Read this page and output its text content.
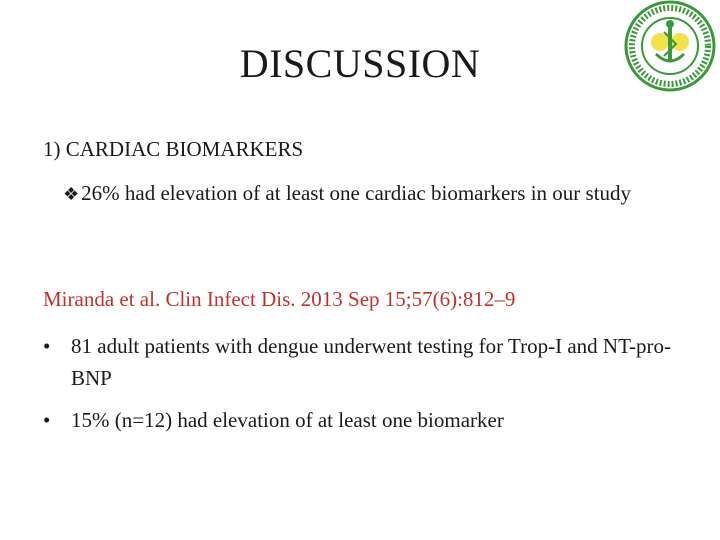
DISCUSSION
1) CARDIAC BIOMARKERS
❖26% had elevation of at least one cardiac biomarkers in our study
Miranda et al. Clin Infect Dis. 2013 Sep 15;57(6):812–9
• 81 adult patients with dengue underwent testing for Trop-I and NT-pro-BNP
• 15% (n=12) had elevation of at least one biomarker
